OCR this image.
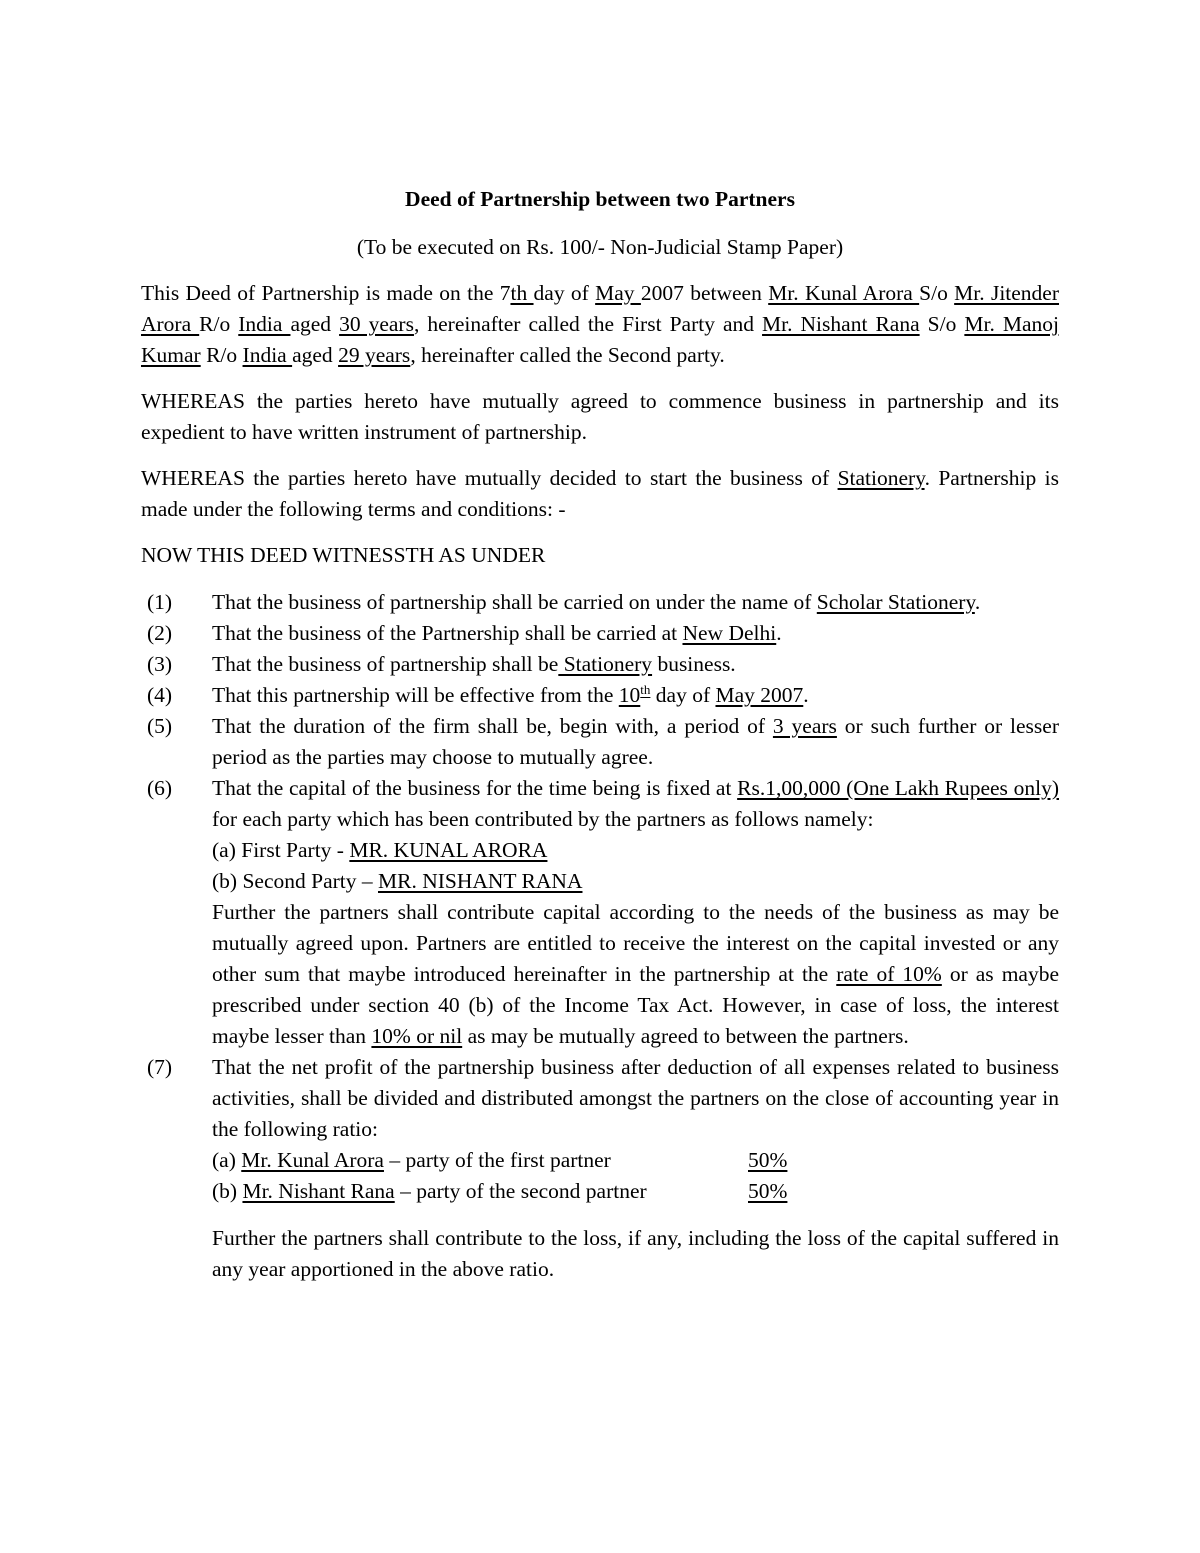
Deed of Partnership between two Partners

(To be executed on Rs. 100/- Non-Judicial Stamp Paper)

This Deed of Partnership is made on the 7th day of May 2007 between Mr. Kunal Arora S/o Mr. Jitender Arora R/o India aged 30 years, hereinafter called the First Party and Mr. Nishant Rana S/o Mr. Manoj Kumar R/o India aged 29 years, hereinafter called the Second party.

WHEREAS the parties hereto have mutually agreed to commence business in partnership and its expedient to have written instrument of partnership.

WHEREAS the parties hereto have mutually decided to start the business of Stationery. Partnership is made under the following terms and conditions: -

NOW THIS DEED WITNESSTH AS UNDER

(1) That the business of partnership shall be carried on under the name of Scholar Stationery.
(2) That the business of the Partnership shall be carried at New Delhi.
(3) That the business of partnership shall be Stationery business.
(4) That this partnership will be effective from the 10th day of May 2007.
(5) That the duration of the firm shall be, begin with, a period of 3 years or such further or lesser period as the parties may choose to mutually agree.
(6) That the capital of the business for the time being is fixed at Rs.1,00,000 (One Lakh Rupees only) for each party which has been contributed by the partners as follows namely:

(a) First Party - MR. KUNAL ARORA

(b) Second Party – MR. NISHANT RANA

Further the partners shall contribute capital according to the needs of the business as may be mutually agreed upon. Partners are entitled to receive the interest on the capital invested or any other sum that maybe introduced hereinafter in the partnership at the rate of 10% or as maybe prescribed under section 40 (b) of the Income Tax Act. However, in case of loss, the interest maybe lesser than 10% or nil as may be mutually agreed to between the partners.

(7) That the net profit of the partnership business after deduction of all expenses related to business activities, shall be divided and distributed amongst the partners on the close of accounting year in the following ratio:
(a) Mr. Kunal Arora – party of the first partner	50%
(b) Mr. Nishant Rana – party of the second partner	50%

Further the partners shall contribute to the loss, if any, including the loss of the capital suffered in any year apportioned in the above ratio.
